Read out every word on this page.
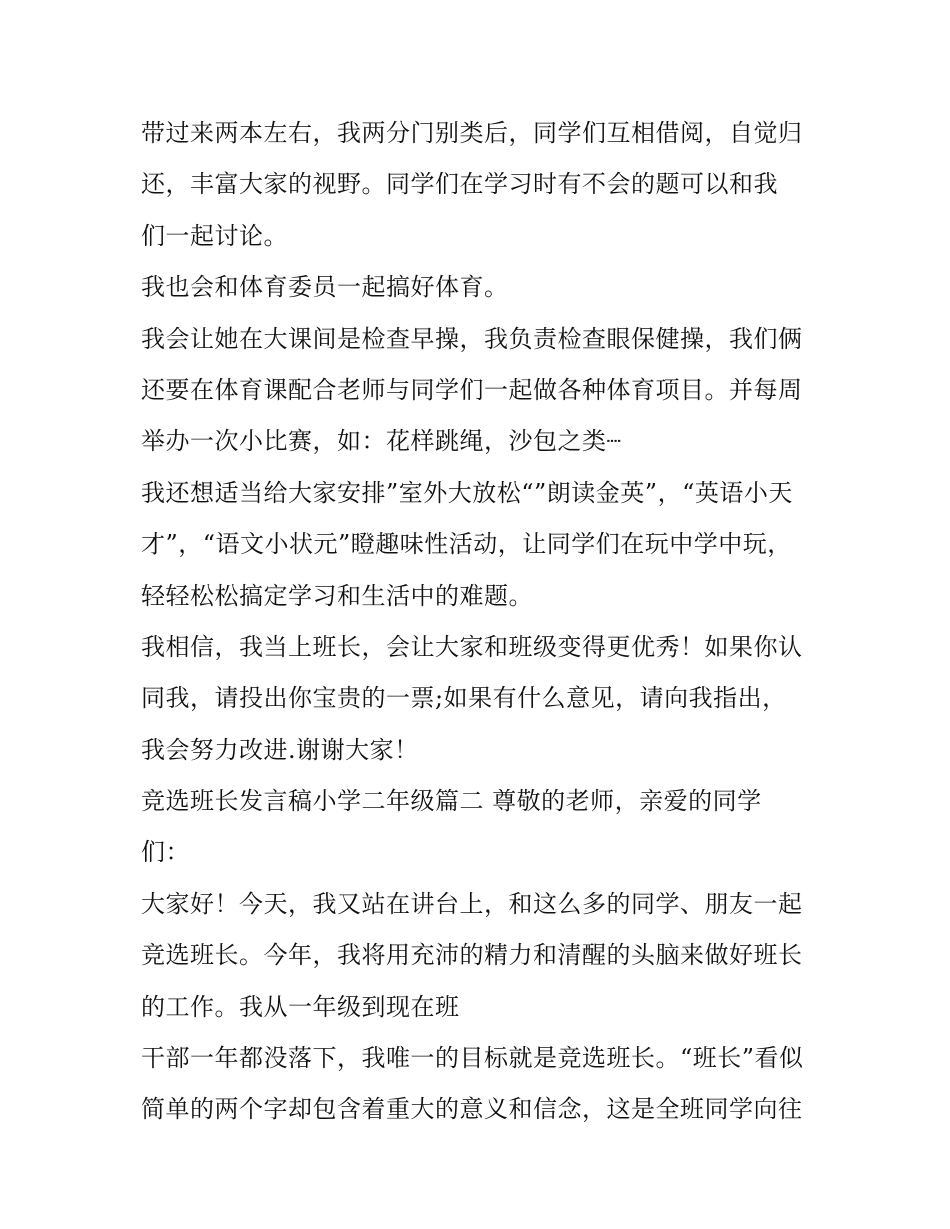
带过来两本左右，我两分门别类后，同学们互相借阅，自觉归
还，丰富大家的视野。同学们在学习时有不会的题可以和我
们一起讨论。
我也会和体育委员一起搞好体育。
我会让她在大课间是检查早操，我负责检查眼保健操，我们俩
还要在体育课配合老师与同学们一起做各种体育项目。并每周
举办一次小比赛，如：花样跳绳，沙包之类┈
我还想适当给大家安排”室外大放松“”朗读金英”，“英语小天
才”，“语文小状元”瞪趣味性活动，让同学们在玩中学中玩，
轻轻松松搞定学习和生活中的难题。
我相信，我当上班长，会让大家和班级变得更优秀！如果你认
同我，请投出你宝贵的一票;如果有什么意见，请向我指出，
我会努力改进.谢谢大家！
竞选班长发言稿小学二年级篇二 尊敬的老师，亲爱的同学
们：
大家好！今天，我又站在讲台上，和这么多的同学、朋友一起
竞选班长。今年，我将用充沛的精力和清醒的头脑来做好班长
的工作。我从一年级到现在班
干部一年都没落下，我唯一的目标就是竞选班长。“班长”看似
简单的两个字却包含着重大的意义和信念，这是全班同学向往
